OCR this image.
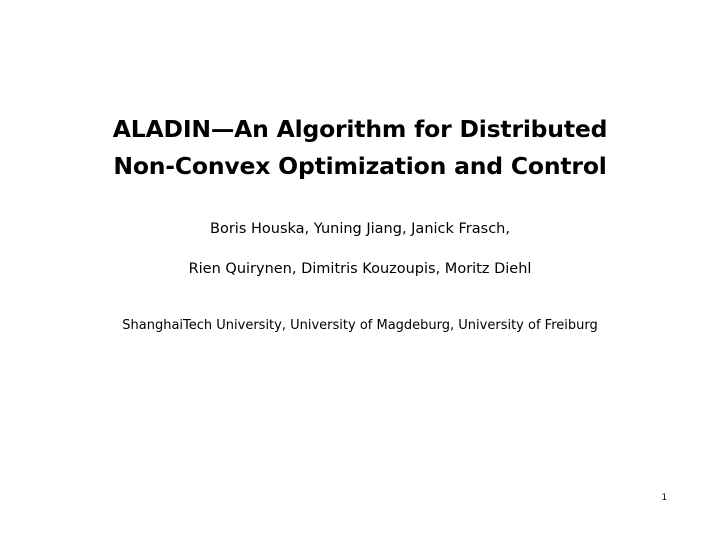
ALADIN—An Algorithm for Distributed
Non-Convex Optimization and Control
Boris Houska, Yuning Jiang, Janick Frasch,
Rien Quirynen, Dimitris Kouzoupis, Moritz Diehl
ShanghaiTech University, University of Magdeburg, University of Freiburg
1
